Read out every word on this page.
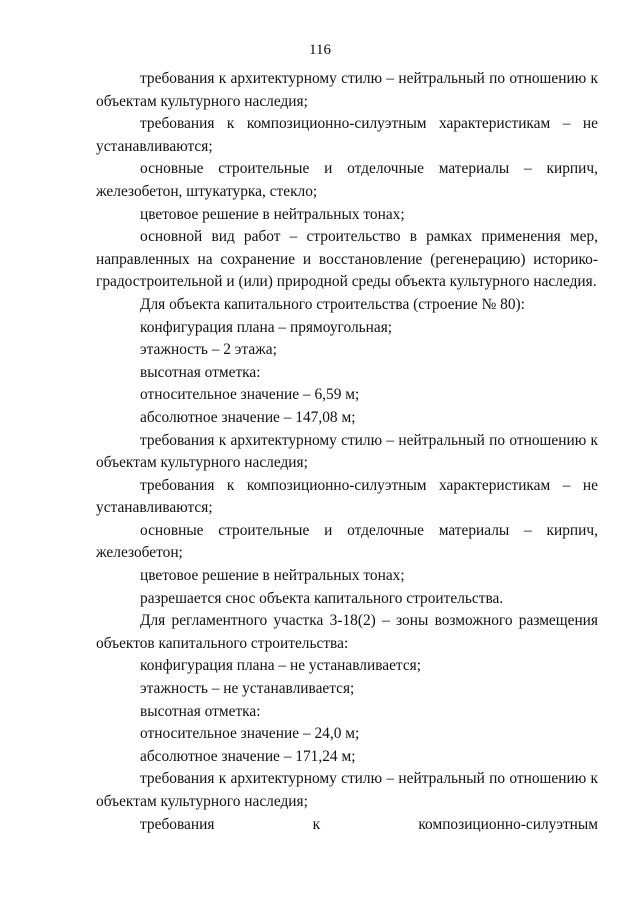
116

требования к архитектурному стилю – нейтральный по отношению к объектам культурного наследия;

требования к композиционно-силуэтным характеристикам – не устанавливаются;

основные строительные и отделочные материалы – кирпич, железобетон, штукатурка, стекло;

цветовое решение в нейтральных тонах;

основной вид работ – строительство в рамках применения мер, направленных на сохранение и восстановление (регенерацию) историко-градостроительной и (или) природной среды объекта культурного наследия.

Для объекта капитального строительства (строение № 80):

конфигурация плана – прямоугольная;

этажность – 2 этажа;

высотная отметка:

относительное значение – 6,59 м;

абсолютное значение – 147,08 м;

требования к архитектурному стилю – нейтральный по отношению к объектам культурного наследия;

требования к композиционно-силуэтным характеристикам – не устанавливаются;

основные строительные и отделочные материалы – кирпич, железобетон;

цветовое решение в нейтральных тонах;

разрешается снос объекта капитального строительства.

Для регламентного участка 3-18(2) – зоны возможного размещения объектов капитального строительства:

конфигурация плана – не устанавливается;

этажность – не устанавливается;

высотная отметка:

относительное значение – 24,0 м;

абсолютное значение – 171,24 м;

требования к архитектурному стилю – нейтральный по отношению к объектам культурного наследия;

требования к композиционно-силуэтным
